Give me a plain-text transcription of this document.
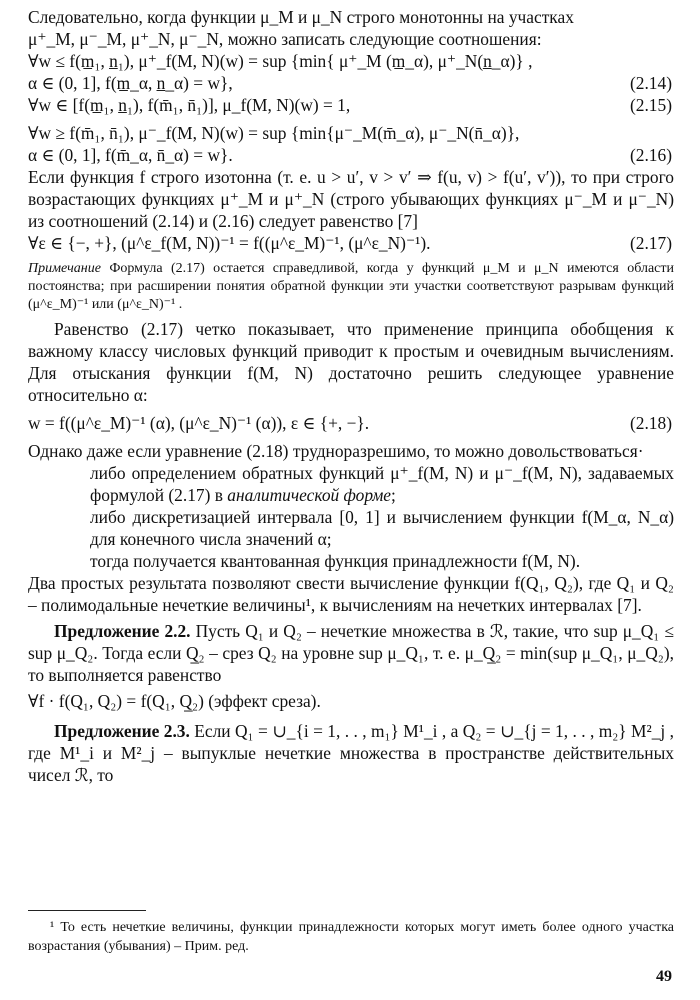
Следовательно, когда функции μ_M и μ_N строго монотонны на участках
μ⁺_M, μ⁻_M, μ⁺_N, μ⁻_N, можно записать следующие соотношения:
∀w ≤ f(m̲₁, n̲₁), μ⁺_f(M, N)(w) = sup {min{ μ⁺_M (m̲_α), μ⁺_N(n̲_α)} ,
α ∈ (0, 1], f(m̲_α, n̲_α) = w},	(2.14)
∀w ∈ [f(m̲₁, n̲₁), f(m̄₁, n̄₁)], μ_f(M, N)(w) = 1,	(2.15)
∀w ≥ f(m̄₁, n̄₁), μ⁻_f(M, N)(w) = sup {min{μ⁻_M(m̄_α), μ⁻_N(n̄_α)},
α ∈ (0, 1], f(m̄_α, n̄_α) = w}.	(2.16)
Если функция f строго изотонна (т. е. u > u′, v > v′ ⇒ f(u, v) > f(u′, v′)), то при строго возрастающих функциях μ⁺_M и μ⁺_N (строго убывающих функциях μ⁻_M и μ⁻_N) из соотношений (2.14) и (2.16) следует равенство [7]
∀ε ∈ {−, +}, (μ^ε_f(M, N))⁻¹ = f((μ^ε_M)⁻¹, (μ^ε_N)⁻¹).	(2.17)
Примечание Формула (2.17) остается справедливой, когда у функций μ_M и μ_N имеются области постоянства; при расширении понятия обратной функции эти участки соответствуют разрывам функций (μ^ε_M)⁻¹ или (μ^ε_N)⁻¹ .
Равенство (2.17) четко показывает, что применение принципа обобщения к важному классу числовых функций приводит к простым и очевидным вычислениям. Для отыскания функции f(M, N) достаточно решить следующее уравнение относительно α:
w = f((μ^ε_M)⁻¹ (α), (μ^ε_N)⁻¹ (α)), ε ∈ {+, −}.	(2.18)
Однако даже если уравнение (2.18) трудноразрешимо, то можно довольствоваться·
либо определением обратных функций μ⁺_f(M, N) и μ⁻_f(M, N), задаваемых формулой (2.17) в аналитической форме;
либо дискретизацией интервала [0, 1] и вычислением функции f(M_α, N_α) для конечного числа значений α;
тогда получается квантованная функция принадлежности f(M, N).
Два простых результата позволяют свести вычисление функции f(Q₁, Q₂), где Q₁ и Q₂ – полимодальные нечеткие величины¹, к вычислениям на нечетких интервалах [7].
Предложение 2.2. Пусть Q₁ и Q₂ – нечеткие множества в ℛ, такие, что sup μ_Q₁ ≤ sup μ_Q₂. Тогда если Q̲₂ – срез Q₂ на уровне sup μ_Q₁, т. е. μ_Q̲₂ = min(sup μ_Q₁, μ_Q₂), то выполняется равенство
∀f · f(Q₁, Q₂) = f(Q₁, Q̲₂) (эффект среза).
Предложение 2.3. Если Q₁ = ∪_{i = 1, . . , m₁} M¹_i , а Q₂ = ∪_{j = 1, . . , m₂} M²_j , где M¹_i и M²_j – выпуклые нечеткие множества в пространстве действительных чисел ℛ, то
¹ То есть нечеткие величины, функции принадлежности которых могут иметь более одного участка возрастания (убывания) – Прим. ред.
49
